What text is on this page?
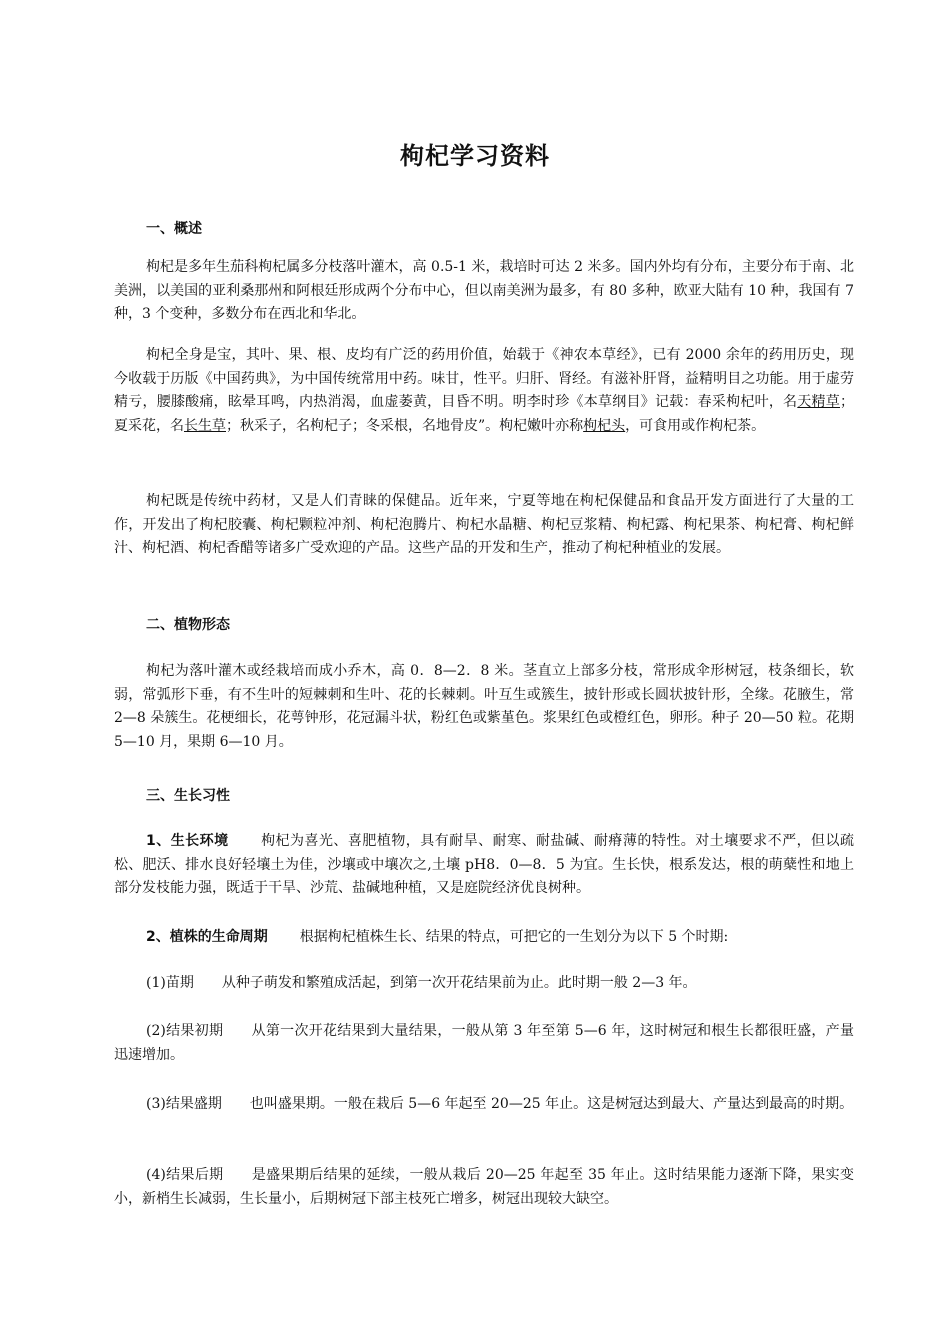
枸杞学习资料
一、概述

枸杞是多年生茄科枸杞属多分枝落叶灌木，高 0.5-1 米，栽培时可达 2 米多。国内外均有分布，主要分布于南、北美洲，以美国的亚利桑那州和阿根廷形成两个分布中心，但以南美洲为最多，有 80 多种，欧亚大陆有 10 种，我国有 7 种，3 个变种，多数分布在西北和华北。

枸杞全身是宝，其叶、果、根、皮均有广泛的药用价值，始载于《神农本草经》，已有 2000 余年的药用历史，现今收载于历版《中国药典》，为中国传统常用中药。味甘，性平。归肝、肾经。有滋补肝肾，益精明目之功能。用于虚劳精亏，腰膝酸痛，眩晕耳鸣，内热消渴，血虚萎黄，目昏不明。明李时珍《本草纲目》记载：春采枸杞叶，名天精草；夏采花，名长生草；秋采子，名枸杞子；冬采根，名地骨皮”。枸杞嫩叶亦称枸杞头，可食用或作枸杞茶。

枸杞既是传统中药材，又是人们青睐的保健品。近年来，宁夏等地在枸杞保健品和食品开发方面进行了大量的工作，开发出了枸杞胶囊、枸杞颗粒冲剂、枸杞泡腾片、枸杞水晶糖、枸杞豆浆精、枸杞露、枸杞果茶、枸杞膏、枸杞鲜汁、枸杞酒、枸杞香醋等诸多广受欢迎的产品。这些产品的开发和生产，推动了枸杞种植业的发展。

二、植物形态

枸杞为落叶灌木或经栽培而成小乔木，高 0．8—2．8 米。茎直立上部多分枝，常形成伞形树冠，枝条细长，软弱，常弧形下垂，有不生叶的短棘刺和生叶、花的长棘刺。叶互生或簇生，披针形或长圆状披针形，全缘。花腋生，常 2—8 朵簇生。花梗细长，花萼钟形，花冠漏斗状，粉红色或紫堇色。浆果红色或橙红色，卵形。种子 20—50 粒。花期 5—10 月，果期 6—10 月。

三、生长习性

1、生长环境 枸杞为喜光、喜肥植物，具有耐旱、耐寒、耐盐碱、耐瘠薄的特性。对土壤要求不严，但以疏松、肥沃、排水良好轻壤土为佳，沙壤或中壤次之,土壤 pH8．0—8．5 为宜。生长快，根系发达，根的萌蘖性和地上部分发枝能力强，既适于干旱、沙荒、盐碱地种植，又是庭院经济优良树种。

2、植株的生命周期 根据枸杞植株生长、结果的特点，可把它的一生划分为以下 5 个时期:

(1)苗期 从种子萌发和繁殖成活起，到第一次开花结果前为止。此时期一般 2—3 年。

(2)结果初期 从第一次开花结果到大量结果，一般从第 3 年至第 5—6 年，这时树冠和根生长都很旺盛，产量迅速增加。

(3)结果盛期 也叫盛果期。一般在栽后 5—6 年起至 20—25 年止。这是树冠达到最大、产量达到最高的时期。

(4)结果后期 是盛果期后结果的延续，一般从栽后 20—25 年起至 35 年止。这时结果能力逐渐下降，果实变小，新梢生长减弱，生长量小，后期树冠下部主枝死亡增多，树冠出现较大缺空。
